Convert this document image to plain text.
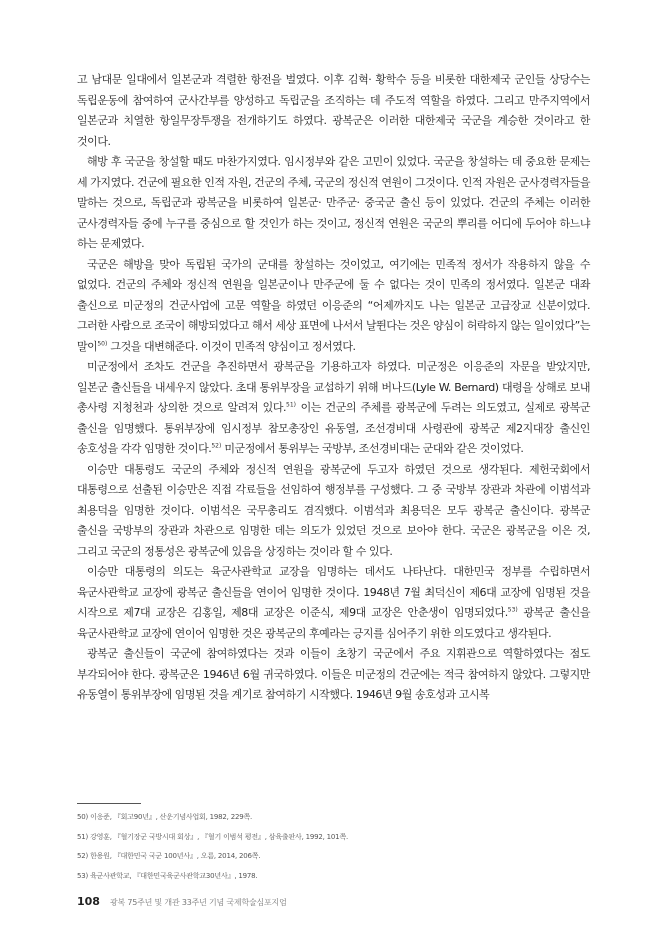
고 남대문 일대에서 일본군과 격렬한 항전을 벌였다. 이후 김혁· 황학수 등을 비롯한 대한제국 군인들 상당수는 독립운동에 참여하여 군사간부를 양성하고 독립군을 조직하는 데 주도적 역할을 하였다. 그리고 만주지역에서 일본군과 치열한 항일무장투쟁을 전개하기도 하였다. 광복군은 이러한 대한제국 국군을 계승한 것이라고 한 것이다.

해방 후 국군을 창설할 때도 마찬가지였다. 임시정부와 같은 고민이 있었다. 국군을 창설하는 데 중요한 문제는 세 가지였다. 건군에 필요한 인적 자원, 건군의 주체, 국군의 정신적 연원이 그것이다. 인적 자원은 군사경력자들을 말하는 것으로, 독립군과 광복군을 비롯하여 일본군· 만주군· 중국군 출신 등이 있었다. 건군의 주체는 이러한 군사경력자들 중에 누구를 중심으로 할 것인가 하는 것이고, 정신적 연원은 국군의 뿌리를 어디에 두어야 하느냐 하는 문제였다.

국군은 해방을 맞아 독립된 국가의 군대를 창설하는 것이었고, 여기에는 민족적 정서가 작용하지 않을 수 없었다. 건군의 주체와 정신적 연원을 일본군이나 만주군에 둘 수 없다는 것이 민족의 정서였다. 일본군 대좌 출신으로 미군정의 건군사업에 고문 역할을 하였던 이응준의 “어제까지도 나는 일본군 고급장교 신분이었다. 그러한 사람으로 조국이 해방되었다고 해서 세상 표면에 나서서 날뛴다는 것은 양심이 허락하지 않는 일이었다”는 말이$^{50)}$ 그것을 대변해준다. 이것이 민족적 양심이고 정서였다.

미군정에서 조차도 건군을 추진하면서 광복군을 기용하고자 하였다. 미군정은 이응준의 자문을 받았지만, 일본군 출신들을 내세우지 않았다. 초대 통위부장을 교섭하기 위해 버나드(Lyle W. Bernard) 대령을 상해로 보내 총사령 지청천과 상의한 것으로 알려져 있다.$^{51)}$ 이는 건군의 주체를 광복군에 두려는 의도였고, 실제로 광복군 출신을 임명했다. 통위부장에 임시정부 참모총장인 유동열, 조선경비대 사령관에 광복군 제2지대장 출신인 송호성을 각각 임명한 것이다.$^{52)}$ 미군정에서 통위부는 국방부, 조선경비대는 군대와 같은 것이었다.

이승만 대통령도 국군의 주체와 정신적 연원을 광복군에 두고자 하였던 것으로 생각된다. 제헌국회에서 대통령으로 선출된 이승만은 직접 각료들을 선임하여 행정부를 구성했다. 그 중 국방부 장관과 차관에 이범석과 최용덕을 임명한 것이다. 이범석은 국무총리도 겸직했다. 이범석과 최용덕은 모두 광복군 출신이다. 광복군 출신을 국방부의 장관과 차관으로 임명한 데는 의도가 있었던 것으로 보아야 한다. 국군은 광복군을 이은 것, 그리고 국군의 정통성은 광복군에 있음을 상징하는 것이라 할 수 있다.

이승만 대통령의 의도는 육군사관학교 교장을 임명하는 데서도 나타난다. 대한민국 정부를 수립하면서 육군사관학교 교장에 광복군 출신들을 연이어 임명한 것이다. 1948년 7월 최덕신이 제6대 교장에 임명된 것을 시작으로 제7대 교장은 김홍일, 제8대 교장은 이준식, 제9대 교장은 안춘생이 임명되었다.$^{53)}$ 광복군 출신을 육군사관학교 교장에 연이어 임명한 것은 광복군의 후예라는 긍지를 심어주기 위한 의도였다고 생각된다.

광복군 출신들이 국군에 참여하였다는 것과 이들이 초창기 국군에서 주요 지휘관으로 역할하였다는 점도 부각되어야 한다. 광복군은 1946년 6월 귀국하였다. 이들은 미군정의 건군에는 적극 참여하지 않았다. 그렇지만 유동열이 통위부장에 임명된 것을 계기로 참여하기 시작했다. 1946년 9월 송호성과 고시복

50) 이응준, 『회고90년』, 산운기념사업회, 1982, 229쪽.

51) 강영훈, 『혈기장군 국방시대 회상』, 『혈기 이범석 평전』, 삼육출판사, 1992, 101쪽.

52) 한용원, 『대한민국 국군 100년사』, 오름, 2014, 206쪽.

53) 육군사관학교, 『대한민국육군사관학교30년사』, 1978.

108 광복 75주년 및 개관 33주년 기념 국제학술심포지엄
